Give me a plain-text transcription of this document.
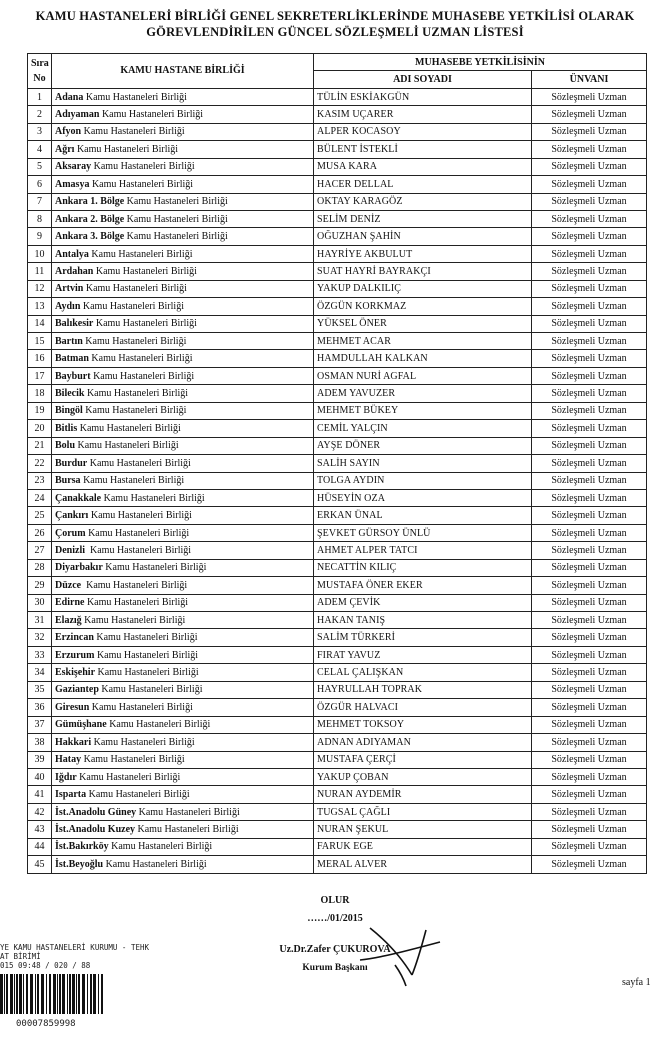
KAMU HASTANELERİ BİRLİĞİ GENEL SEKRETERLİKLERİNDE MUHASEBE YETKİLİSİ OLARAK
GÖREVLENDİRİLEN GÜNCEL SÖZLEŞMELİ UZMAN LİSTESİ
Sıra
No	KAMU HASTANE BİRLİĞİ	MUHASEBE YETKİLİSİNİN	
		ADI SOYADI	ÜNVANI
1	Adana Kamu Hastaneleri Birliği	TÜLİN ESKİAKGÜN	Sözleşmeli Uzman
2	Adıyaman Kamu Hastaneleri Birliği	KASIM UÇARER	Sözleşmeli Uzman
3	Afyon Kamu Hastaneleri Birliği	ALPER KOCASOY	Sözleşmeli Uzman
4	Ağrı Kamu Hastaneleri Birliği	BÜLENT İSTEKLİ	Sözleşmeli Uzman
5	Aksaray Kamu Hastaneleri Birliği	MUSA KARA	Sözleşmeli Uzman
6	Amasya Kamu Hastaneleri Birliği	HACER DELLAL	Sözleşmeli Uzman
7	Ankara 1. Bölge Kamu Hastaneleri Birliği	OKTAY KARAGÖZ	Sözleşmeli Uzman
8	Ankara 2. Bölge Kamu Hastaneleri Birliği	SELİM DENİZ	Sözleşmeli Uzman
9	Ankara 3. Bölge Kamu Hastaneleri Birliği	OĞUZHAN ŞAHİN	Sözleşmeli Uzman
10	Antalya Kamu Hastaneleri Birliği	HAYRİYE AKBULUT	Sözleşmeli Uzman
11	Ardahan Kamu Hastaneleri Birliği	SUAT HAYRİ BAYRAKÇI	Sözleşmeli Uzman
12	Artvin Kamu Hastaneleri Birliği	YAKUP DALKILIÇ	Sözleşmeli Uzman
13	Aydın Kamu Hastaneleri Birliği	ÖZGÜN KORKMAZ	Sözleşmeli Uzman
14	Balıkesir Kamu Hastaneleri Birliği	YÜKSEL ÖNER	Sözleşmeli Uzman
15	Bartın Kamu Hastaneleri Birliği	MEHMET ACAR	Sözleşmeli Uzman
16	Batman Kamu Hastaneleri Birliği	HAMDULLAH KALKAN	Sözleşmeli Uzman
17	Bayburt Kamu Hastaneleri Birliği	OSMAN NURİ AGFAL	Sözleşmeli Uzman
18	Bilecik Kamu Hastaneleri Birliği	ADEM YAVUZER	Sözleşmeli Uzman
19	Bingöl Kamu Hastaneleri Birliği	MEHMET BÜKEY	Sözleşmeli Uzman
20	Bitlis Kamu Hastaneleri Birliği	CEMİL YALÇIN	Sözleşmeli Uzman
21	Bolu Kamu Hastaneleri Birliği	AYŞE DÖNER	Sözleşmeli Uzman
22	Burdur Kamu Hastaneleri Birliği	SALİH SAYIN	Sözleşmeli Uzman
23	Bursa Kamu Hastaneleri Birliği	TOLGA AYDIN	Sözleşmeli Uzman
24	Çanakkale Kamu Hastaneleri Birliği	HÜSEYİN OZA	Sözleşmeli Uzman
25	Çankırı Kamu Hastaneleri Birliği	ERKAN ÜNAL	Sözleşmeli Uzman
26	Çorum Kamu Hastaneleri Birliği	ŞEVKET GÜRSOY ÜNLÜ	Sözleşmeli Uzman
27	Denizli  Kamu Hastaneleri Birliği	AHMET ALPER TATCI	Sözleşmeli Uzman
28	Diyarbakır Kamu Hastaneleri Birliği	NECATTİN KILIÇ	Sözleşmeli Uzman
29	Düzce  Kamu Hastaneleri Birliği	MUSTAFA ÖNER EKER	Sözleşmeli Uzman
30	Edirne Kamu Hastaneleri Birliği	ADEM ÇEVİK	Sözleşmeli Uzman
31	Elazığ Kamu Hastaneleri Birliği	HAKAN TANIŞ	Sözleşmeli Uzman
32	Erzincan Kamu Hastaneleri Birliği	SALİM TÜRKERİ	Sözleşmeli Uzman
33	Erzurum Kamu Hastaneleri Birliği	FIRAT YAVUZ	Sözleşmeli Uzman
34	Eskişehir Kamu Hastaneleri Birliği	CELAL ÇALIŞKAN	Sözleşmeli Uzman
35	Gaziantep Kamu Hastaneleri Birliği	HAYRULLAH TOPRAK	Sözleşmeli Uzman
36	Giresun Kamu Hastaneleri Birliği	ÖZGÜR HALVACI	Sözleşmeli Uzman
37	Gümüşhane Kamu Hastaneleri Birliği	MEHMET TOKSOY	Sözleşmeli Uzman
38	Hakkari Kamu Hastaneleri Birliği	ADNAN ADIYAMAN	Sözleşmeli Uzman
39	Hatay Kamu Hastaneleri Birliği	MUSTAFA ÇERÇİ	Sözleşmeli Uzman
40	Iğdır Kamu Hastaneleri Birliği	YAKUP ÇOBAN	Sözleşmeli Uzman
41	Isparta Kamu Hastaneleri Birliği	NURAN AYDEMİR	Sözleşmeli Uzman
42	İst.Anadolu Güney Kamu Hastaneleri Birliği	TUGSAL ÇAĞLI	Sözleşmeli Uzman
43	İst.Anadolu Kuzey Kamu Hastaneleri Birliği	NURAN ŞEKUL	Sözleşmeli Uzman
44	İst.Bakırköy Kamu Hastaneleri Birliği	FARUK EGE	Sözleşmeli Uzman
45	İst.Beyoğlu Kamu Hastaneleri Birliği	MERAL ALVER	Sözleşmeli Uzman
OLUR
……/01/2015
Uz.Dr.Zafer ÇUKUROVA
Kurum Başkanı
sayfa 1
YE KAMU HASTANELERİ KURUMU - TEHK
AT BİRİMİ
015 09:48 / 020 / 88
00007859998
